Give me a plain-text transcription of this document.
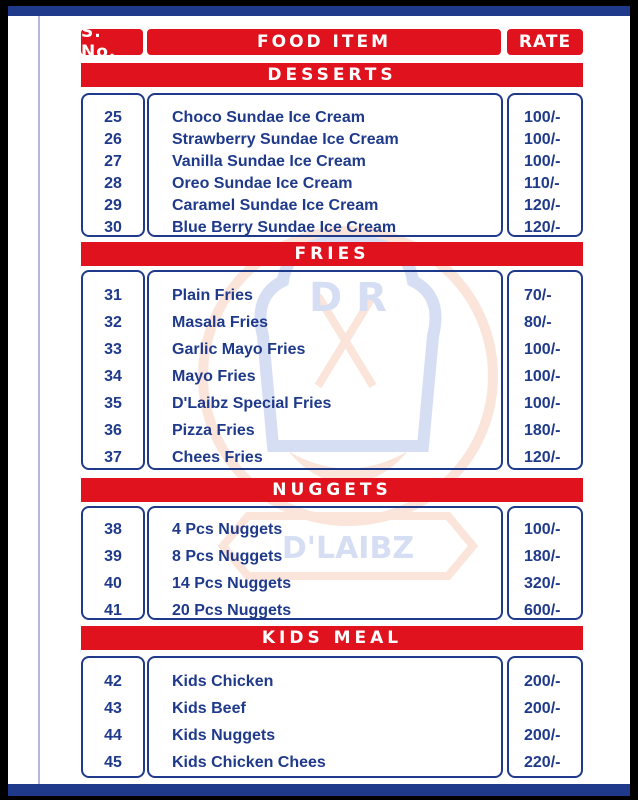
D R
D'LAIBZ
S. No.	FOOD ITEM	RATE
DESSERTS
25	Choco Sundae Ice Cream	100/-
26	Strawberry Sundae Ice Cream	100/-
27	Vanilla Sundae Ice Cream	100/-
28	Oreo Sundae Ice Cream	110/-
29	Caramel Sundae Ice Cream	120/-
30	Blue Berry Sundae Ice Cream	120/-
FRIES
31	Plain Fries	70/-
32	Masala Fries	80/-
33	Garlic Mayo Fries	100/-
34	Mayo Fries	100/-
35	D'Laibz Special Fries	100/-
36	Pizza Fries	180/-
37	Chees Fries	120/-
NUGGETS
38	4 Pcs Nuggets	100/-
39	8 Pcs Nuggets	180/-
40	14 Pcs Nuggets	320/-
41	20 Pcs Nuggets	600/-
KIDS MEAL
42	Kids Chicken	200/-
43	Kids Beef	200/-
44	Kids Nuggets	200/-
45	Kids Chicken Chees	220/-
